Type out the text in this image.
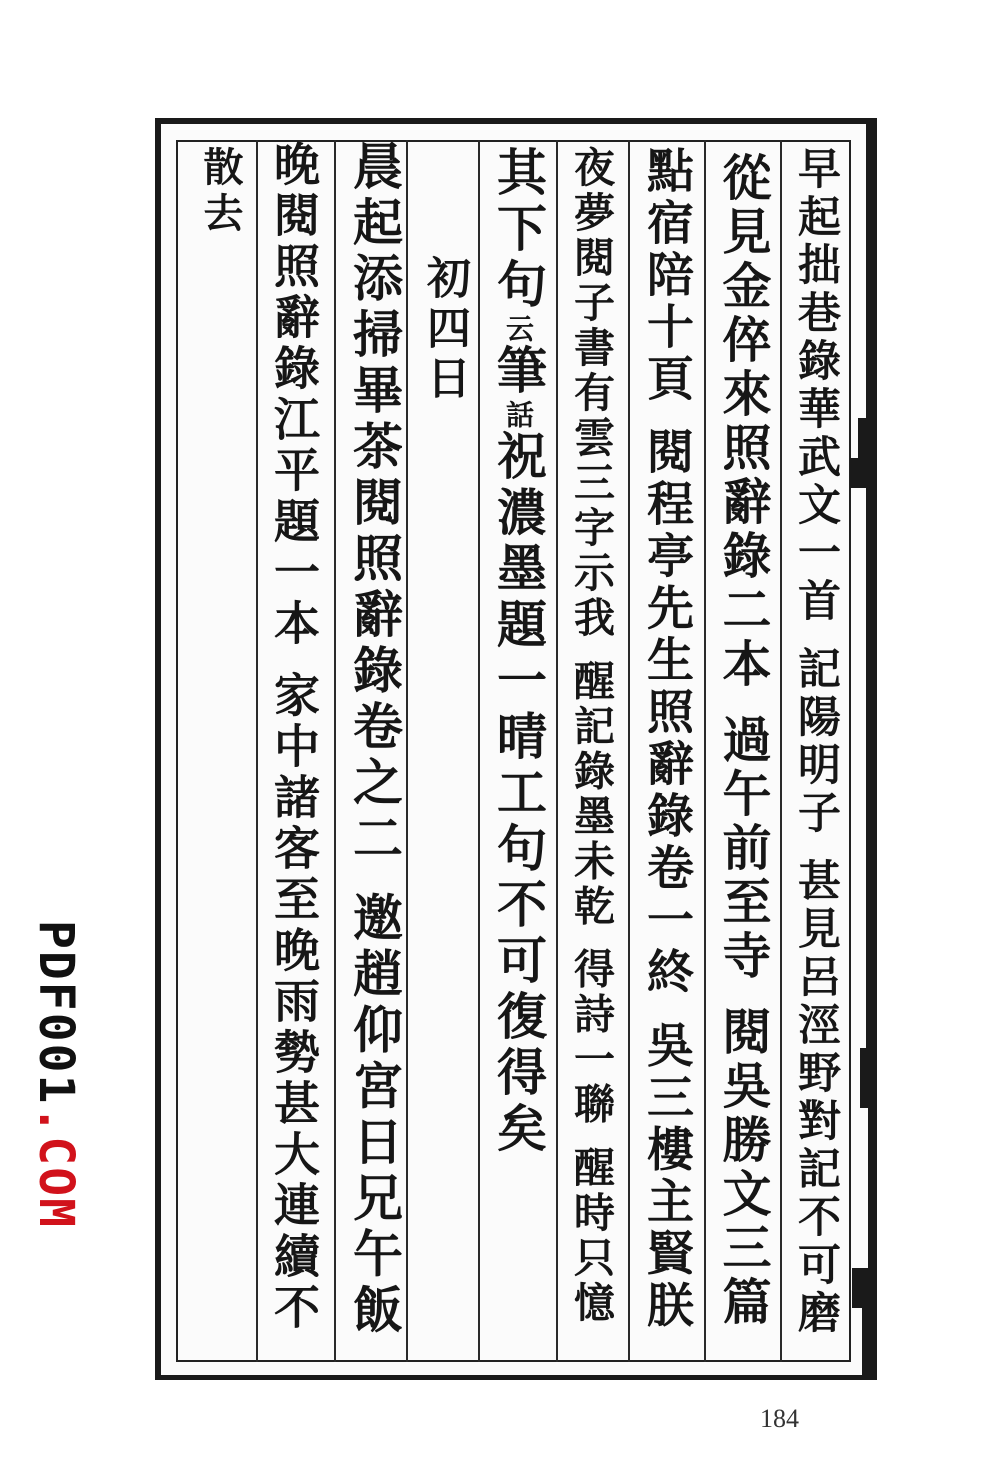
早起拙巷錄華武文一首 記陽明子 甚見呂涇野對記不可磨
從見金倅來照辭錄二本 過午前至寺 閱吳勝文三篇
點宿陪十頁 閱程亭先生照辭錄卷一終 吳三樓主賢朕
夜夢閱子書有雲三字示我 醒記錄墨未乾 得詩一聯 醒時只憶
其下句云筆話祝濃墨題一晴工句不可復得矣
初四日
晨起添掃畢茶閱照辭錄卷之二 邀趙仰宮日兄午飯
晚閱照辭錄江平題一本 家中諸客至晚雨勢甚大連續不
散去
PDF001.COM
184
